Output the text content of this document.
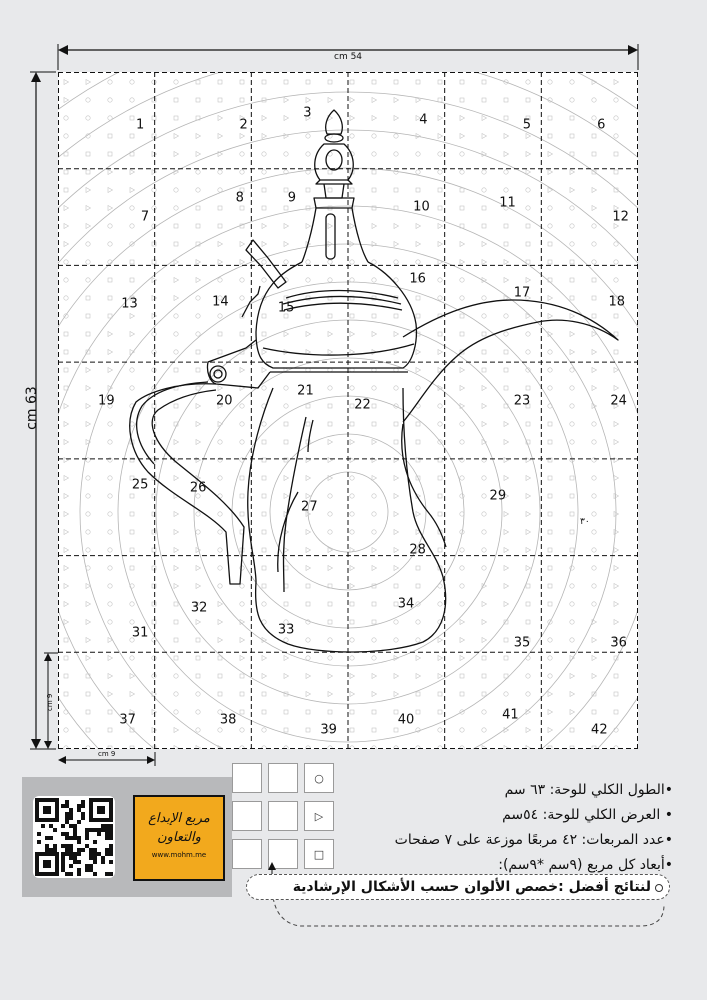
cm 54
cm 63
cm 9
cm 9
1	2
3
4	5	6
7
8	9
10	11
12
13	14	15
16
17
18
19	20
21
22	23	24
25	26
27
28
29
٣٠
31
32
33
34
35	36
37	38
39
40	41
42
○
▷
□
•الطول الكلي للوحة: ٦٣ سم
• العرض الكلي للوحة: ٥٤سم
•عدد المربعات: ٤٢ مربعًا موزعة على ٧ صفحات
•أبعاد كل مربع (٩سم *٩سم):
لنتائج أفضل :خصص الألوان حسب الأشكال الإرشادية
مربع الإبداع
والتعاون
www.mohm.me
